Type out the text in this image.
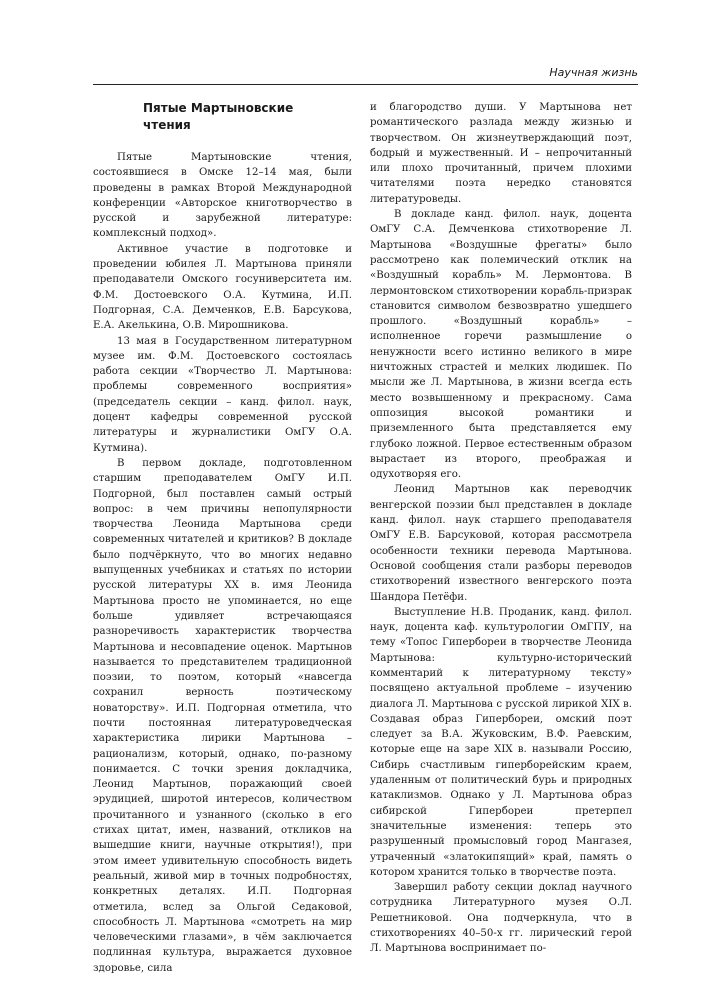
Научная жизнь
Пятые Мартыновские чтения

Пятые Мартыновские чтения, состоявшиеся в Омске 12–14 мая, были проведены в рамках Второй Международной конференции «Авторское книготворчество в русской и зарубежной литературе: комплексный подход».

Активное участие в подготовке и проведении юбилея Л. Мартынова приняли преподаватели Омского госуниверситета им. Ф.М. Достоевского О.А. Кутмина, И.П. Подгорная, С.А. Демченков, Е.В. Барсукова, Е.А. Акелькина, О.В. Мирошникова.

13 мая в Государственном литературном музее им. Ф.М. Достоевского состоялась работа секции «Творчество Л. Мартынова: проблемы современного восприятия» (председатель секции – канд. филол. наук, доцент кафедры современной русской литературы и журналистики ОмГУ О.А. Кутмина).

В первом докладе, подготовленном старшим преподавателем ОмГУ И.П. Подгорной, был поставлен самый острый вопрос: в чем причины непопулярности творчества Леонида Мартынова среди современных читателей и критиков? В докладе было подчёркнуто, что во многих недавно выпущенных учебниках и статьях по истории русской литературы ХХ в. имя Леонида Мартынова просто не упоминается, но еще больше удивляет встречающаяся разноречивость характеристик творчества Мартынова и несовпадение оценок. Мартынов называется то представителем традиционной поэзии, то поэтом, который «навсегда сохранил верность поэтическому новаторству». И.П. Подгорная отметила, что почти постоянная литературоведческая характеристика лирики Мартынова – рационализм, который, однако, по-разному понимается. С точки зрения докладчика, Леонид Мартынов, поражающий своей эрудицией, широтой интересов, количеством прочитанного и узнанного (сколько в его стихах цитат, имен, названий, откликов на вышедшие книги, научные открытия!), при этом имеет удивительную способность видеть реальный, живой мир в точных подробностях, конкретных деталях. И.П. Подгорная отметила, вслед за Ольгой Седаковой, способность Л. Мартынова «смотреть на мир человеческими глазами», в чём заключается подлинная культура, выражается духовное здоровье, сила

и благородство души. У Мартынова нет романтического разлада между жизнью и творчеством. Он жизнеутверждающий поэт, бодрый и мужественный. И – непрочитанный или плохо прочитанный, причем плохими читателями поэта нередко становятся литературоведы.

В докладе канд. филол. наук, доцента ОмГУ С.А. Демченкова стихотворение Л. Мартынова «Воздушные фрегаты» было рассмотрено как полемический отклик на «Воздушный корабль» М. Лермонтова. В лермонтовском стихотворении корабль-призрак становится символом безвозвратно ушедшего прошлого. «Воздушный корабль» – исполненное горечи размышление о ненужности всего истинно великого в мире ничтожных страстей и мелких людишек. По мысли же Л. Мартынова, в жизни всегда есть место возвышенному и прекрасному. Сама оппозиция высокой романтики и приземленного быта представляется ему глубоко ложной. Первое естественным образом вырастает из второго, преображая и одухотворяя его.

Леонид Мартынов как переводчик венгерской поэзии был представлен в докладе канд. филол. наук старшего преподавателя ОмГУ Е.В. Барсуковой, которая рассмотрела особенности техники перевода Мартынова. Основой сообщения стали разборы переводов стихотворений известного венгерского поэта Шандора Петёфи.

Выступление Н.В. Проданик, канд. филол. наук, доцента каф. культурологии ОмГПУ, на тему «Топос Гипербореи в творчестве Леонида Мартынова: культурно-исторический комментарий к литературному тексту» посвящено актуальной проблеме – изучению диалога Л. Мартынова с русской лирикой XIX в. Создавая образ Гипербореи, омский поэт следует за В.А. Жуковским, В.Ф. Раевским, которые еще на заре XIX в. называли Россию, Сибирь счастливым гиперборейским краем, удаленным от политический бурь и природных катаклизмов. Однако у Л. Мартынова образ сибирской Гипербореи претерпел значительные изменения: теперь это разрушенный промысловый город Мангазея, утраченный «златокипящий» край, память о котором хранится только в творчестве поэта.

Завершил работу секции доклад научного сотрудника Литературного музея О.Л. Решетниковой. Она подчеркнула, что в стихотворениях 40–50-х гг. лирический герой Л. Мартынова воспринимает по-
